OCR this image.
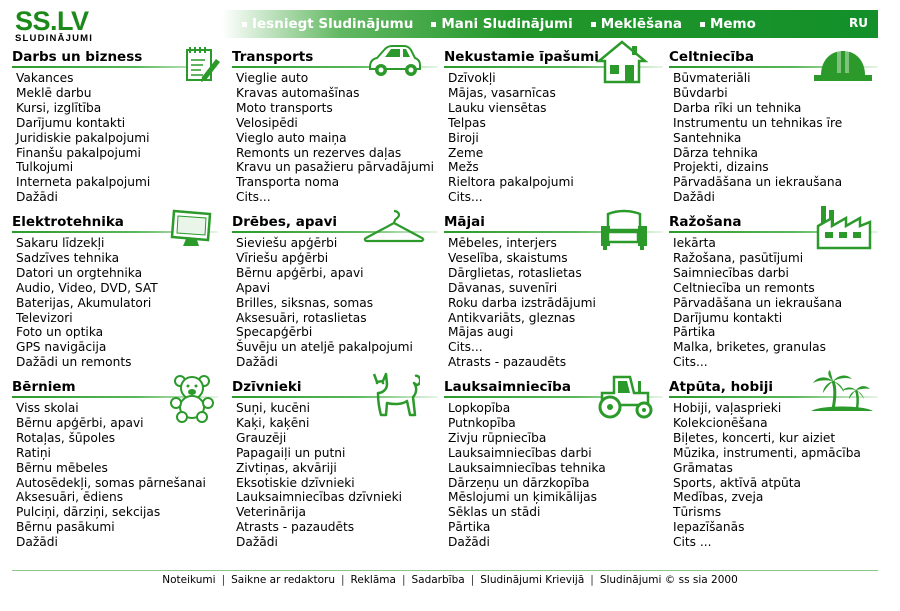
SS.LV
SLUDINĀJUMI
Iesniegt Sludinājumu Mani Sludinājumi Meklēšana Memo	RU
Darbs un bizness
Vakances
Meklē darbu
Kursi, izglītība
Darījumu kontakti
Juridiskie pakalpojumi
Finanšu pakalpojumi
Tulkojumi
Interneta pakalpojumi
Dažādi
Transports
Vieglie auto
Kravas automašīnas
Moto transports
Velosipēdi
Vieglo auto maiņa
Remonts un rezerves daļas
Kravu un pasažieru pārvadājumi
Transporta noma
Cits...
Nekustamie īpašumi
Dzīvokļi
Mājas, vasarnīcas
Lauku viensētas
Telpas
Biroji
Zeme
Mežs
Rieltora pakalpojumi
Cits...
Celtniecība
Būvmateriāli
Būvdarbi
Darba rīki un tehnika
Instrumentu un tehnikas īre
Santehnika
Dārza tehnika
Projekti, dizains
Pārvadāšana un iekraušana
Dažādi
Elektrotehnika
Sakaru līdzekļi
Sadzīves tehnika
Datori un orgtehnika
Audio, Video, DVD, SAT
Baterijas, Akumulatori
Televizori
Foto un optika
GPS navigācija
Dažādi un remonts
Drēbes, apavi
Sieviešu apģērbi
Vīriešu apģērbi
Bērnu apģērbi, apavi
Apavi
Brilles, siksnas, somas
Aksesuāri, rotaslietas
Specapģērbi
Šuvēju un ateljē pakalpojumi
Dažādi
Mājai
Mēbeles, interjers
Veselība, skaistums
Dārglietas, rotaslietas
Dāvanas, suvenīri
Roku darba izstrādājumi
Antikvariāts, gleznas
Mājas augi
Cits...
Atrasts - pazaudēts
Ražošana
Iekārta
Ražošana, pasūtījumi
Saimniecības darbi
Celtniecība un remonts
Pārvadāšana un iekraušana
Darījumu kontakti
Pārtika
Malka, briketes, granulas
Cits...
Bērniem
Viss skolai
Bērnu apģērbi, apavi
Rotaļas, šūpoles
Ratiņi
Bērnu mēbeles
Autosēdekļi, somas pārnešanai
Aksesuāri, ēdiens
Pulciņi, dārziņi, sekcijas
Bērnu pasākumi
Dažādi
Dzīvnieki
Suņi, kucēni
Kaķi, kaķēni
Grauzēji
Papagaiļi un putni
Zivtiņas, akvāriji
Eksotiskie dzīvnieki
Lauksaimniecības dzīvnieki
Veterinārija
Atrasts - pazaudēts
Dažādi
Lauksaimniecība
Lopkopība
Putnkopība
Zivju rūpniecība
Lauksaimniecības darbi
Lauksaimniecības tehnika
Dārzeņu un dārzkopība
Mēslojumi un ķimikālijas
Sēklas un stādi
Pārtika
Dažādi
Atpūta, hobiji
Hobiji, vaļasprieki
Kolekcionēšana
Biļetes, koncerti, kur aiziet
Mūzika, instrumenti, apmācība
Grāmatas
Sports, aktīvā atpūta
Medības, zveja
Tūrisms
Iepazīšanās
Cits ...
Noteikumi | Saikne ar redaktoru | Reklāma | Sadarbība | Sludinājumi Krievijā | Sludinājumi © ss sia 2000
